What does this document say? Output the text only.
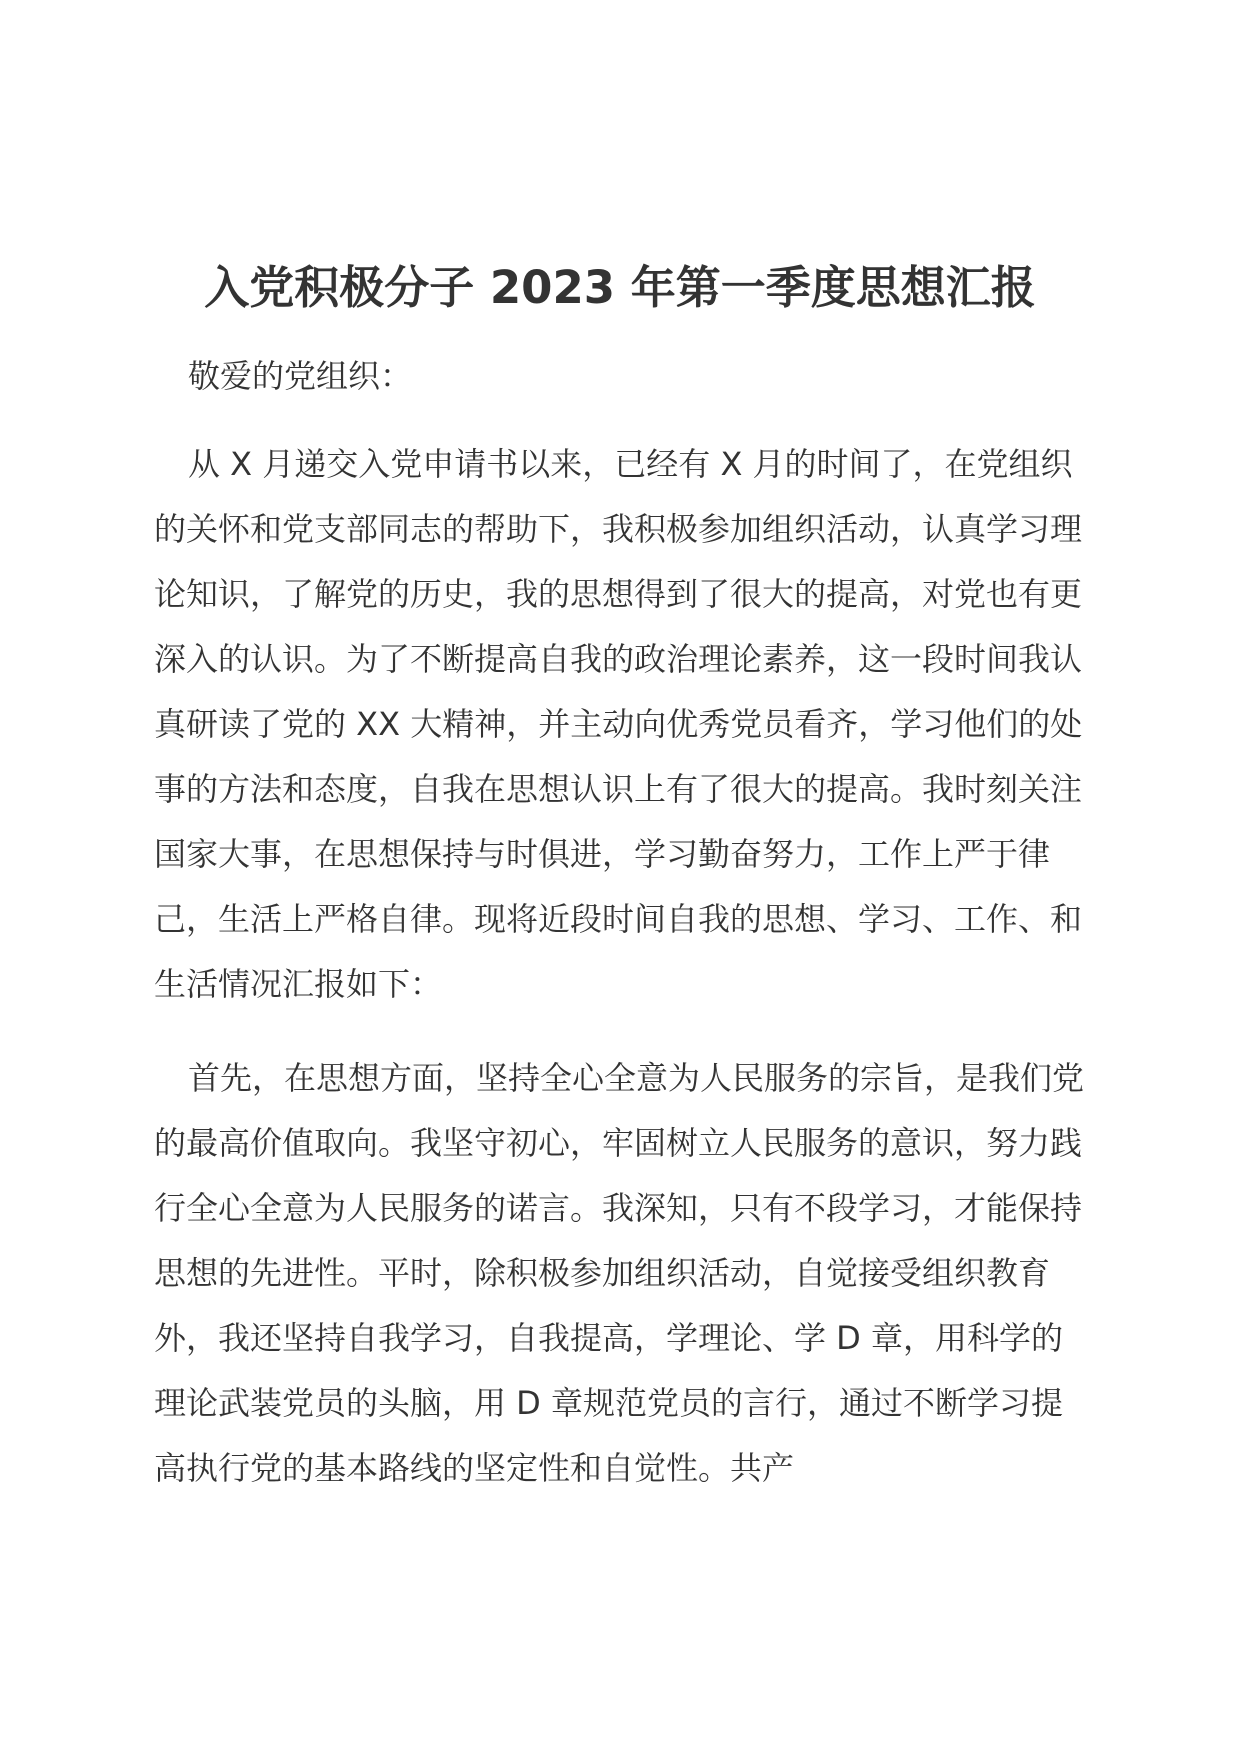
入党积极分子 2023 年第一季度思想汇报

敬爱的党组织：

从 X 月递交入党申请书以来，已经有 X 月的时间了，在党组织的关怀和党支部同志的帮助下，我积极参加组织活动，认真学习理论知识，了解党的历史，我的思想得到了很大的提高，对党也有更深入的认识。为了不断提高自我的政治理论素养，这一段时间我认真研读了党的 XX 大精神，并主动向优秀党员看齐，学习他们的处事的方法和态度，自我在思想认识上有了很大的提高。我时刻关注国家大事，在思想保持与时俱进，学习勤奋努力，工作上严于律己，生活上严格自律。现将近段时间自我的思想、学习、工作、和生活情况汇报如下：

首先，在思想方面，坚持全心全意为人民服务的宗旨，是我们党的最高价值取向。我坚守初心，牢固树立人民服务的意识，努力践行全心全意为人民服务的诺言。我深知，只有不段学习，才能保持思想的先进性。平时，除积极参加组织活动，自觉接受组织教育外，我还坚持自我学习，自我提高，学理论、学 D 章，用科学的理论武装党员的头脑，用 D 章规范党员的言行，通过不断学习提高执行党的基本路线的坚定性和自觉性。共产
